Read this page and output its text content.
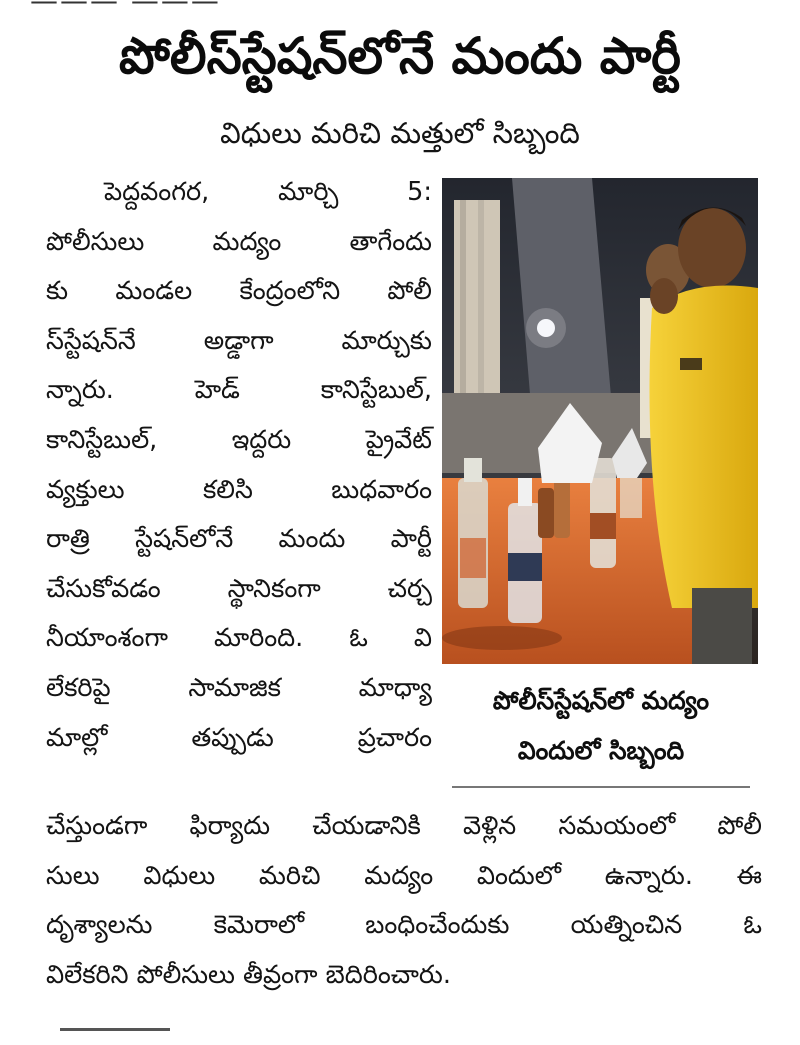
——— ———
పోలీస్‌స్టేషన్‌లోనే మందు పార్టీ
విధులు మరిచి మత్తులో సిబ్బంది
పెద్దవంగర, మార్చి 5:
పోలీసులు మద్యం తాగేందు
కు మండల కేంద్రంలోని పోలీ
స్‌స్టేషన్‌నే అడ్డాగా మార్చుకు
న్నారు. హెడ్ కానిస్టేబుల్,
కానిస్టేబుల్, ఇద్దరు ప్రైవేట్
వ్యక్తులు కలిసి బుధవారం
రాత్రి స్టేషన్‌లోనే మందు పార్టీ
చేసుకోవడం స్థానికంగా చర్చ
నీయాంశంగా మారింది. ఓ వి
లేకరిపై సామాజిక మాధ్యా
మాల్లో తప్పుడు ప్రచారం
పోలీస్‌స్టేషన్‌లో మద్యం
విందులో సిబ్బంది
చేస్తుండగా ఫిర్యాదు చేయడానికి వెళ్లిన సమయంలో పోలీ
సులు విధులు మరిచి మద్యం విందులో ఉన్నారు. ఈ
దృశ్యాలను కెమెరాలో బంధించేందుకు యత్నించిన ఓ
విలేకరిని పోలీసులు తీవ్రంగా బెదిరించారు.
